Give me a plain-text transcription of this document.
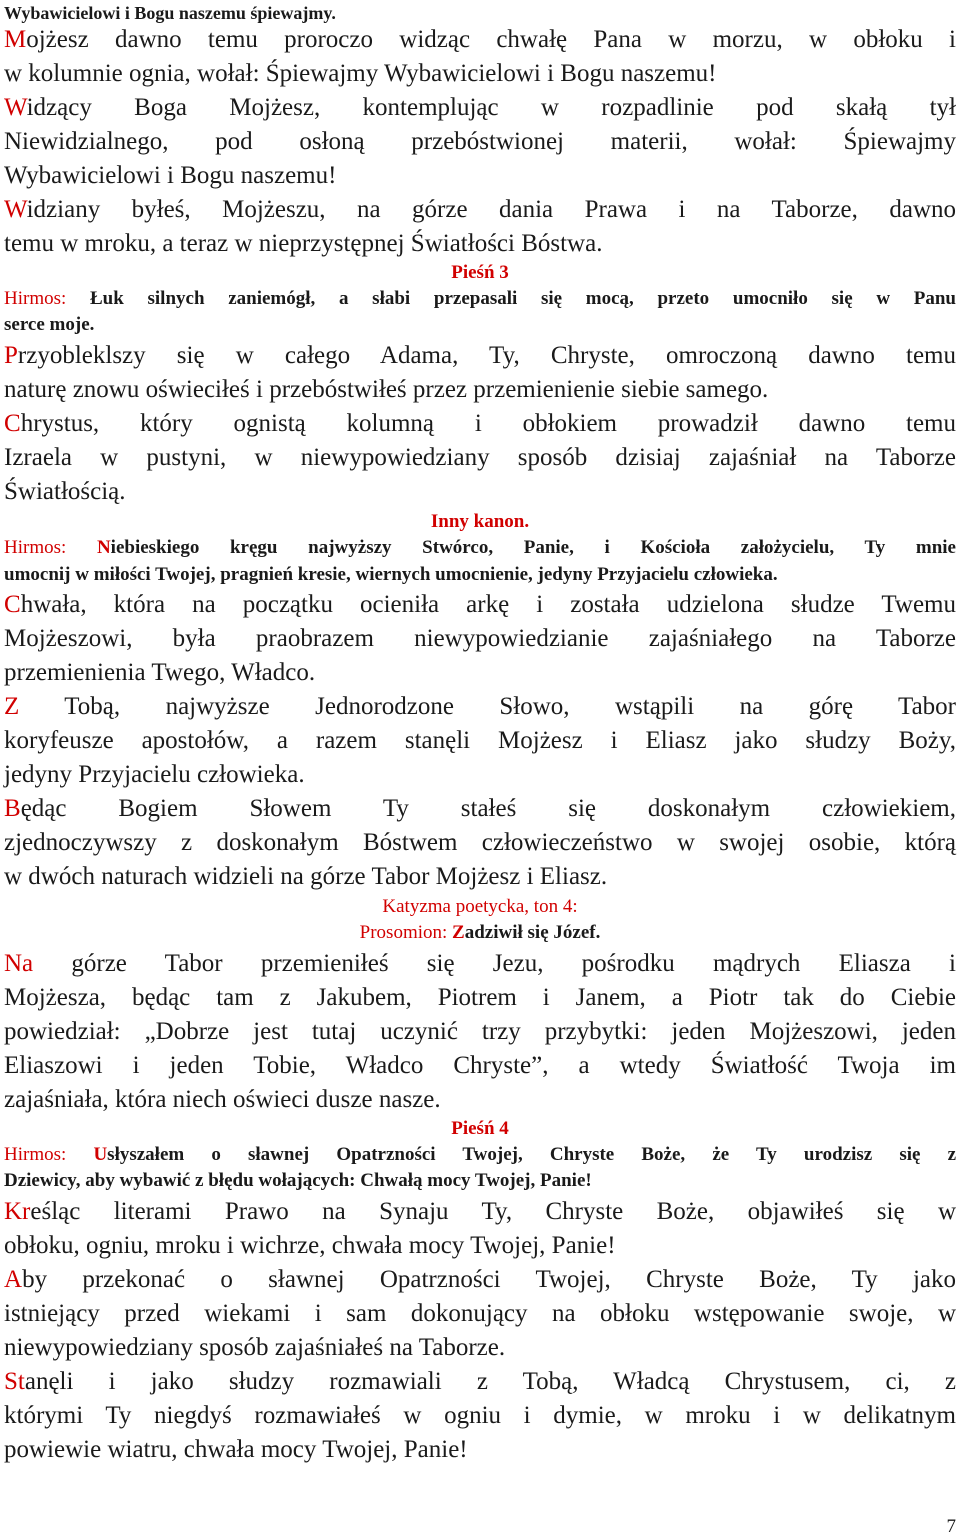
Wybawicielowi i Bogu naszemu śpiewajmy.

Mojżesz dawno temu proroczo widząc chwałę Pana w morzu, w obłoku i

w kolumnie ognia, wołał: Śpiewajmy Wybawicielowi i Bogu naszemu!

Widzący Boga Mojżesz, kontemplując w rozpadlinie pod skałą tył

Niewidzialnego, pod osłoną przebóstwionej materii, wołał: Śpiewajmy

Wybawicielowi i Bogu naszemu!

Widziany byłeś, Mojżeszu, na górze dania Prawa i na Taborze, dawno

temu w mroku, a teraz w nieprzystępnej Światłości Bóstwa.

Pieśń 3

Hirmos: Łuk silnych zaniemógł, a słabi przepasali się mocą, przeto umocniło się w Panu

serce moje.

Przyobleklszy się w całego Adama, Ty, Chryste, omroczoną dawno temu

naturę znowu oświeciłeś i przebóstwiłeś przez przemienienie siebie samego.

Chrystus, który ognistą kolumną i obłokiem prowadził dawno temu

Izraela w pustyni, w niewypowiedziany sposób dzisiaj zajaśniał na Taborze

Światłością.

Inny kanon.

Hirmos: Niebieskiego kręgu najwyższy Stwórco, Panie, i Kościoła założycielu, Ty mnie

umocnij w miłości Twojej, pragnień kresie, wiernych umocnienie, jedyny Przyjacielu człowieka.

Chwała, która na początku ocieniła arkę i została udzielona słudze Twemu

Mojżeszowi, była praobrazem niewypowiedzianie zajaśniałego na Taborze

przemienienia Twego, Władco.

Z Tobą, najwyższe Jednorodzone Słowo, wstąpili na górę Tabor

koryfeusze apostołów, a razem stanęli Mojżesz i Eliasz jako słudzy Boży,

jedyny Przyjacielu człowieka.

Będąc Bogiem Słowem Ty stałeś się doskonałym człowiekiem,

zjednoczywszy z doskonałym Bóstwem człowieczeństwo w swojej osobie, którą

w dwóch naturach widzieli na górze Tabor Mojżesz i Eliasz.

Katyzma poetycka, ton 4:

Prosomion: Zadziwił się Józef.

Na górze Tabor przemieniłeś się Jezu, pośrodku mądrych Eliasza i

Mojżesza, będąc tam z Jakubem, Piotrem i Janem, a Piotr tak do Ciebie

powiedział: „Dobrze jest tutaj uczynić trzy przybytki: jeden Mojżeszowi, jeden

Eliaszowi i jeden Tobie, Władco Chryste”, a wtedy Światłość Twoja im

zajaśniała, która niech oświeci dusze nasze.

Pieśń 4

Hirmos: Usłyszałem o sławnej Opatrzności Twojej, Chryste Boże, że Ty urodzisz się z

Dziewicy, aby wybawić z błędu wołających: Chwałą mocy Twojej, Panie!

Kreśląc literami Prawo na Synaju Ty, Chryste Boże, objawiłeś się w

obłoku, ogniu, mroku i wichrze, chwała mocy Twojej, Panie!

Aby przekonać o sławnej Opatrzności Twojej, Chryste Boże, Ty jako

istniejący przed wiekami i sam dokonujący na obłoku wstępowanie swoje, w

niewypowiedziany sposób zajaśniałeś na Taborze.

Stanęli i jako słudzy rozmawiali z Tobą, Władcą Chrystusem, ci, z

którymi Ty niegdyś rozmawiałeś w ogniu i dymie, w mroku i w delikatnym

powiewie wiatru, chwała mocy Twojej, Panie!

7
